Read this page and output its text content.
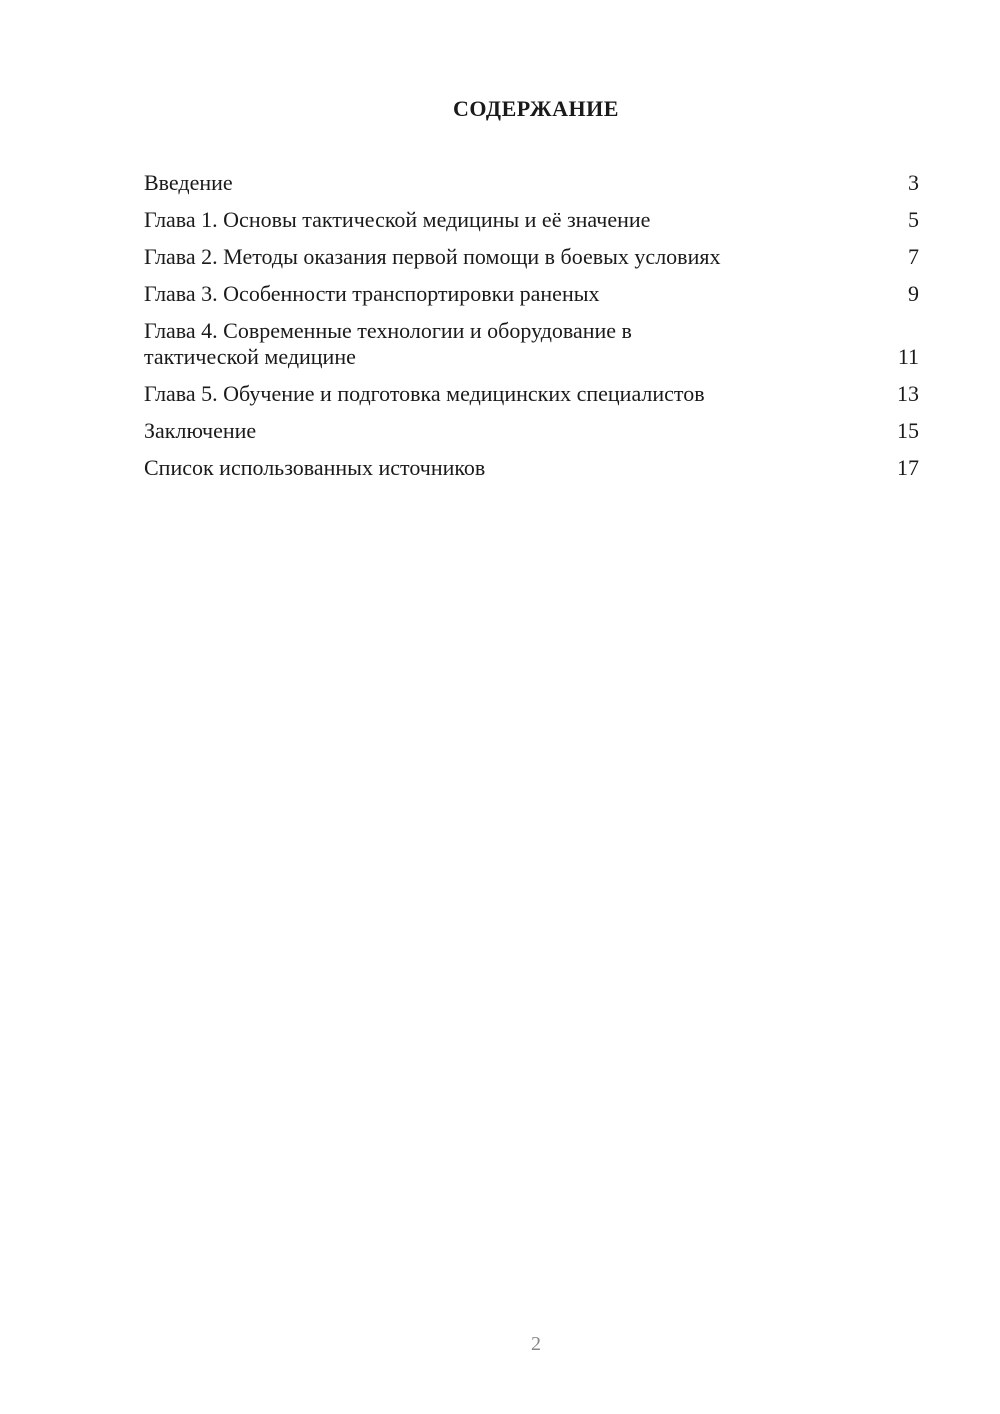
СОДЕРЖАНИЕ
Введение	3
Глава 1. Основы тактической медицины и её значение	5
Глава 2. Методы оказания первой помощи в боевых условиях	7
Глава 3. Особенности транспортировки раненых	9
Глава 4. Современные технологии и оборудование в тактической медицине	11
Глава 5. Обучение и подготовка медицинских специалистов	13
Заключение	15
Список использованных источников	17
2
